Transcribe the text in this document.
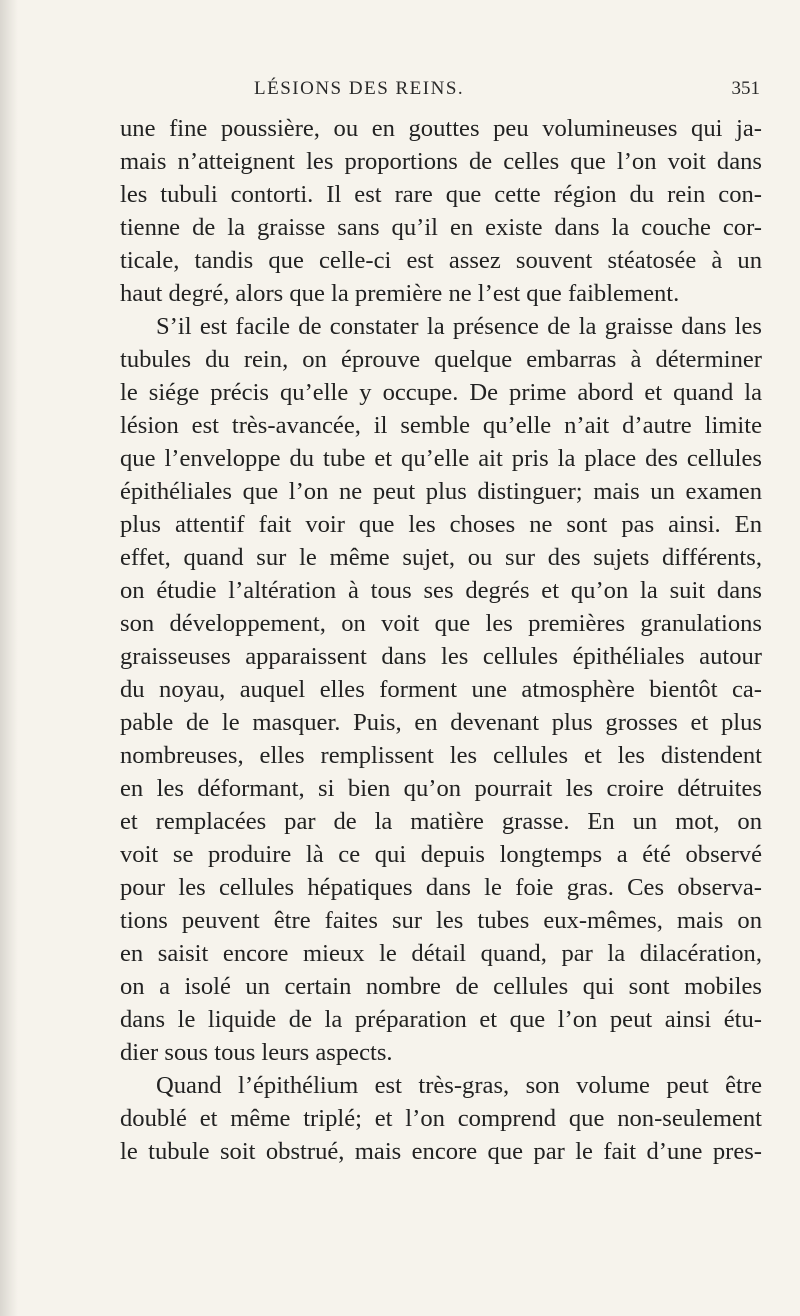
LÉSIONS DES REINS.	351
une fine poussière, ou en gouttes peu volumineuses qui ja-
mais n’atteignent les proportions de celles que l’on voit dans
les tubuli contorti. Il est rare que cette région du rein con-
tienne de la graisse sans qu’il en existe dans la couche cor-
ticale, tandis que celle-ci est assez souvent stéatosée à un
haut degré, alors que la première ne l’est que faiblement.
S’il est facile de constater la présence de la graisse dans les
tubules du rein, on éprouve quelque embarras à déterminer
le siége précis qu’elle y occupe. De prime abord et quand la
lésion est très-avancée, il semble qu’elle n’ait d’autre limite
que l’enveloppe du tube et qu’elle ait pris la place des cellules
épithéliales que l’on ne peut plus distinguer; mais un examen
plus attentif fait voir que les choses ne sont pas ainsi. En
effet, quand sur le même sujet, ou sur des sujets différents,
on étudie l’altération à tous ses degrés et qu’on la suit dans
son développement, on voit que les premières granulations
graisseuses apparaissent dans les cellules épithéliales autour
du noyau, auquel elles forment une atmosphère bientôt ca-
pable de le masquer. Puis, en devenant plus grosses et plus
nombreuses, elles remplissent les cellules et les distendent
en les déformant, si bien qu’on pourrait les croire détruites
et remplacées par de la matière grasse. En un mot, on
voit se produire là ce qui depuis longtemps a été observé
pour les cellules hépatiques dans le foie gras. Ces observa-
tions peuvent être faites sur les tubes eux-mêmes, mais on
en saisit encore mieux le détail quand, par la dilacération,
on a isolé un certain nombre de cellules qui sont mobiles
dans le liquide de la préparation et que l’on peut ainsi étu-
dier sous tous leurs aspects.
Quand l’épithélium est très-gras, son volume peut être
doublé et même triplé; et l’on comprend que non-seulement
le tubule soit obstrué, mais encore que par le fait d’une pres-
